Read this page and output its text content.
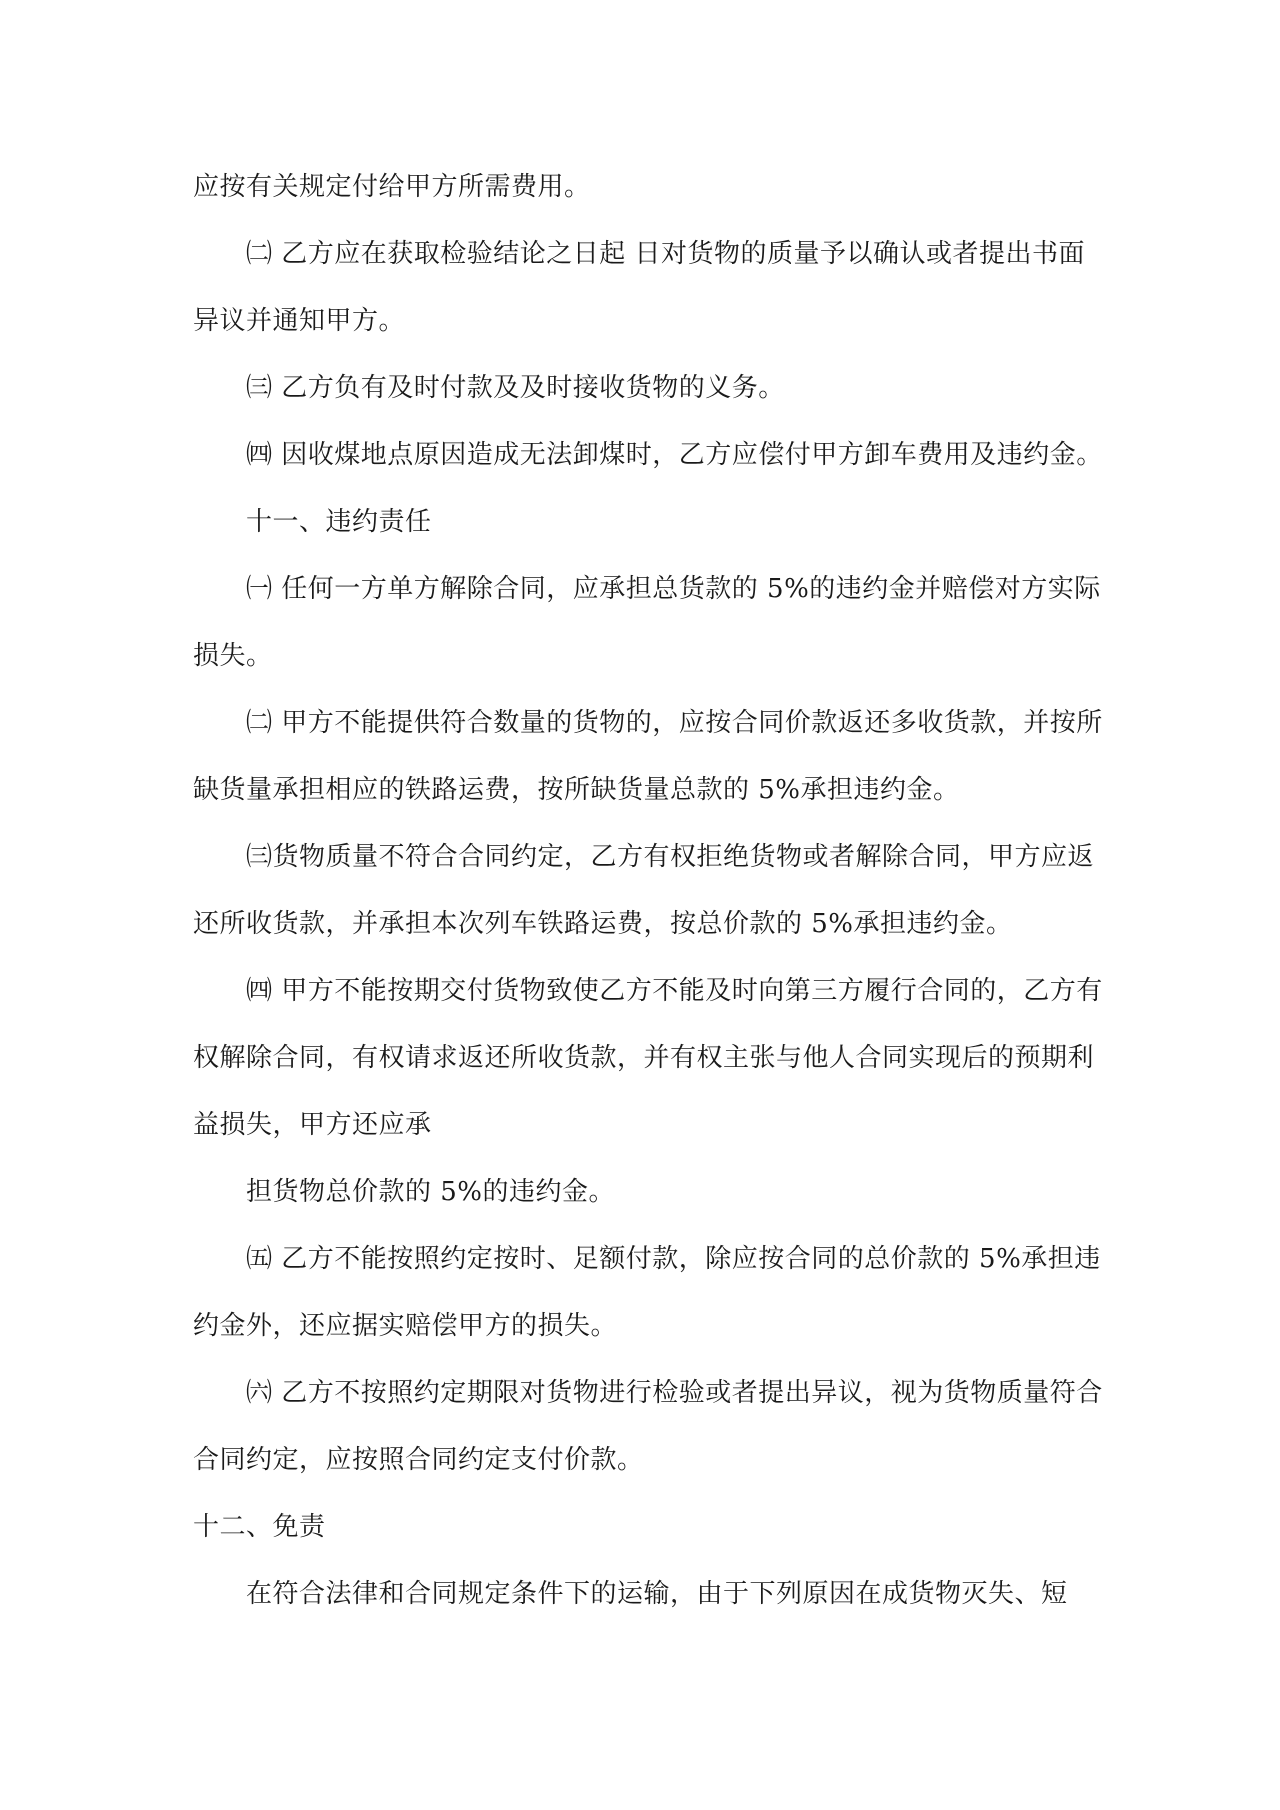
应按有关规定付给甲方所需费用。
㈡ 乙方应在获取检验结论之日起 日对货物的质量予以确认或者提出书面
异议并通知甲方。
㈢ 乙方负有及时付款及及时接收货物的义务。
㈣ 因收煤地点原因造成无法卸煤时，乙方应偿付甲方卸车费用及违约金。
十一、违约责任
㈠ 任何一方单方解除合同，应承担总货款的 5%的违约金并赔偿对方实际
损失。
㈡ 甲方不能提供符合数量的货物的，应按合同价款返还多收货款，并按所
缺货量承担相应的铁路运费，按所缺货量总款的 5%承担违约金。
㈢货物质量不符合合同约定，乙方有权拒绝货物或者解除合同，甲方应返
还所收货款，并承担本次列车铁路运费，按总价款的 5%承担违约金。
㈣ 甲方不能按期交付货物致使乙方不能及时向第三方履行合同的，乙方有
权解除合同，有权请求返还所收货款，并有权主张与他人合同实现后的预期利
益损失，甲方还应承
担货物总价款的 5%的违约金。
㈤ 乙方不能按照约定按时、足额付款，除应按合同的总价款的 5%承担违
约金外，还应据实赔偿甲方的损失。
㈥ 乙方不按照约定期限对货物进行检验或者提出异议，视为货物质量符合
合同约定，应按照合同约定支付价款。
十二、免责
在符合法律和合同规定条件下的运输，由于下列原因在成货物灭失、短
